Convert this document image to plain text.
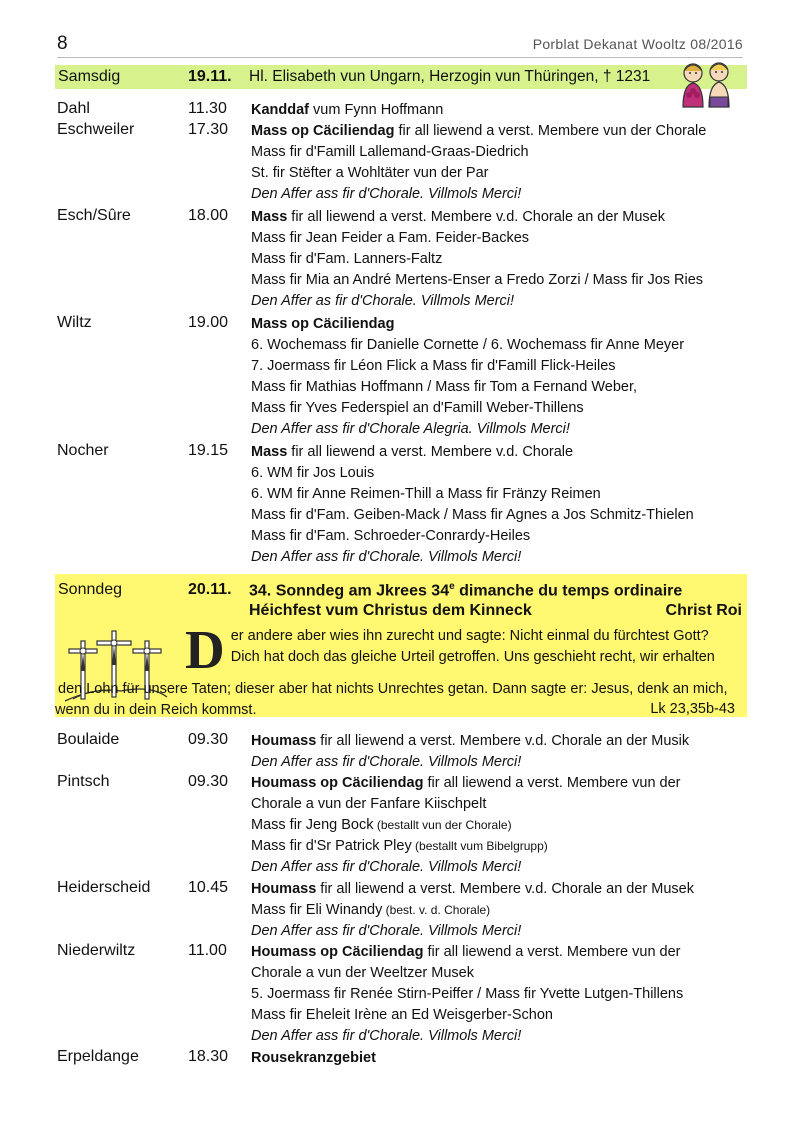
8	Porblat Dekanat Wooltz 08/2016
Samsdig	19.11. Hl. Elisabeth vun Ungarn, Herzogin vun Thüringen, † 1231
Dahl	11.30 Kanddaf vum Fynn Hoffmann
Eschweiler	17.30 Mass op Cäciliendag fir all liewend a verst. Membere vun der Chorale
Mass fir d'Famill Lallemand-Graas-Diedrich
St. fir Stëfter a Wohltäter vun der Par
Den Affer ass fir d'Chorale. Villmols Merci!
Esch/Sûre	18.00 Mass fir all liewend a verst. Membere v.d. Chorale an der Musek
Mass fir Jean Feider a Fam. Feider-Backes
Mass fir d'Fam. Lanners-Faltz
Mass fir Mia an André Mertens-Enser a Fredo Zorzi / Mass fir Jos Ries
Den Affer as fir d'Chorale. Villmols Merci!
Wiltz	19.00 Mass op Cäciliendag
6. Wochemass fir Danielle Cornette / 6. Wochemass fir Anne Meyer
7. Joermass fir Léon Flick a Mass fir d'Famill Flick-Heiles
Mass fir Mathias Hoffmann / Mass fir Tom a Fernand Weber,
Mass fir Yves Federspiel an d'Famill Weber-Thillens
Den Affer ass fir d'Chorale Alegria. Villmols Merci!
Nocher	19.15 Mass fir all liewend a verst. Membere v.d. Chorale
6. WM fir Jos Louis
6. WM fir Anne Reimen-Thill a Mass fir Fränzy Reimen
Mass fir d'Fam. Geiben-Mack / Mass fir Agnes a Jos Schmitz-Thielen
Mass fir d'Fam. Schroeder-Conrardy-Heiles
Den Affer ass fir d'Chorale. Villmols Merci!
Sonndeg	20.11. 34. Sonndeg am Jkrees 34e dimanche du temps ordinaire
Héichfest vum Christus dem Kinneck	Christ Roi
D er andere aber wies ihn zurecht und sagte: Nicht einmal du fürchtest Gott? Dich hat doch das gleiche Urteil getroffen. Uns geschieht recht, wir erhalten
den Lohn für unsere Taten; dieser aber hat nichts Unrechtes getan. Dann sagte er: Jesus, denk an mich, wenn du in dein Reich kommst.	Lk 23,35b-43
Boulaide	09.30 Houmass fir all liewend a verst. Membere v.d. Chorale an der Musik
Den Affer ass fir d'Chorale. Villmols Merci!
Pintsch	09.30 Houmass op Cäciliendag fir all liewend a verst. Membere vun der
Chorale a vun der Fanfare Kiischpelt
Mass fir Jeng Bock (bestallt vun der Chorale)
Mass fir d'Sr Patrick Pley (bestallt vum Bibelgrupp)
Den Affer ass fir d'Chorale. Villmols Merci!
Heiderscheid 10.45 Houmass fir all liewend a verst. Membere v.d. Chorale an der Musek
Mass fir Eli Winandy (best. v. d. Chorale)
Den Affer ass fir d'Chorale. Villmols Merci!
Niederwiltz	11.00 Houmass op Cäciliendag fir all liewend a verst. Membere vun der
Chorale a vun der Weeltzer Musek
5. Joermass fir Renée Stirn-Peiffer / Mass fir Yvette Lutgen-Thillens
Mass fir Eheleit Irène an Ed Weisgerber-Schon
Den Affer ass fir d'Chorale. Villmols Merci!
Erpeldange	18.30 Rousekranzgebiet
